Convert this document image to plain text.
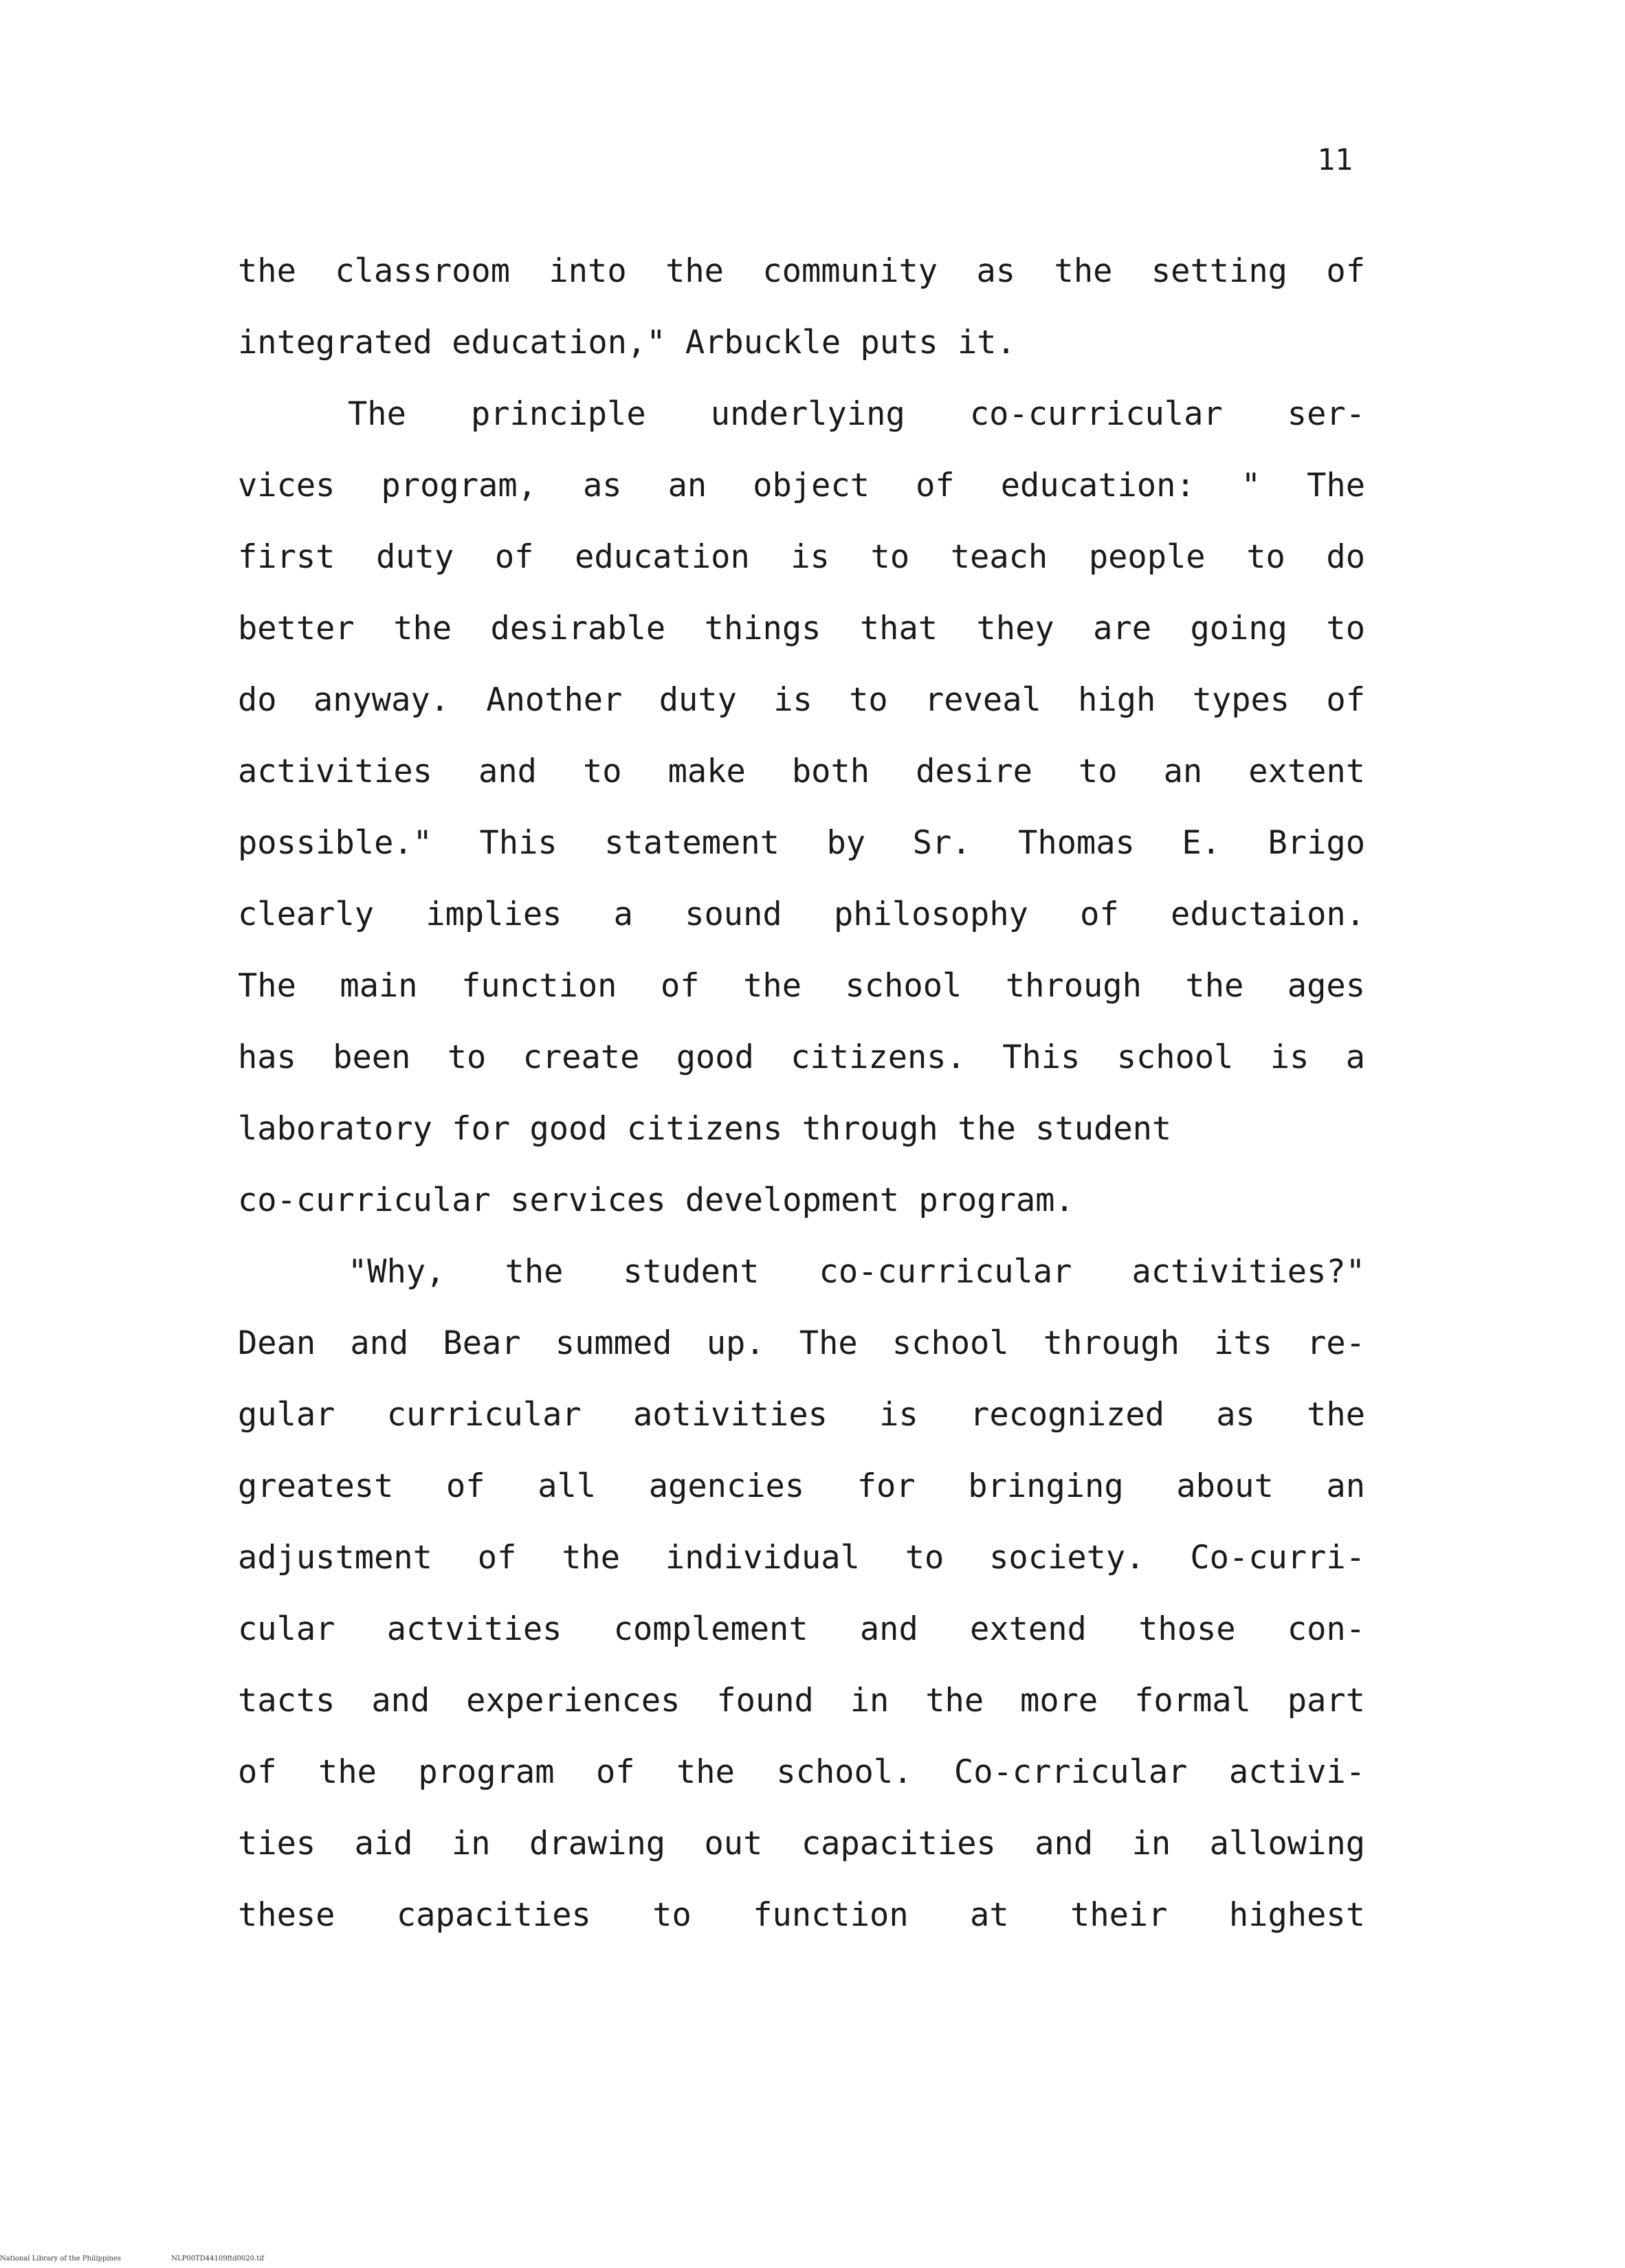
11
the classroom into the community as the setting of
integrated education," Arbuckle puts it.
The principle underlying co-curricular ser-
vices program, as an object of education: " The
first duty of education is to teach people to do
better the desirable things that they are going to
do anyway. Another duty is to reveal high types of
activities and to make both desire to an extent
possible." This statement by Sr. Thomas E. Brigo
clearly implies a sound philosophy of eductaion.
The main function of the school through the ages
has been to create good citizens. This school is a
laboratory for good citizens through the student
co-curricular services development program.
"Why, the student co-curricular activities?"
Dean and Bear summed up. The school through its re-
gular curricular aotivities is recognized as the
greatest of all agencies for bringing about an
adjustment of the individual to society. Co-curri-
cular actvities complement and extend those con-
tacts and experiences found in the more formal part
of the program of the school. Co-crricular activi-
ties aid in drawing out capacities and in allowing
these capacities to function at their highest
National Library of the Philippines	NLP00TD44109ftd0020.tif
